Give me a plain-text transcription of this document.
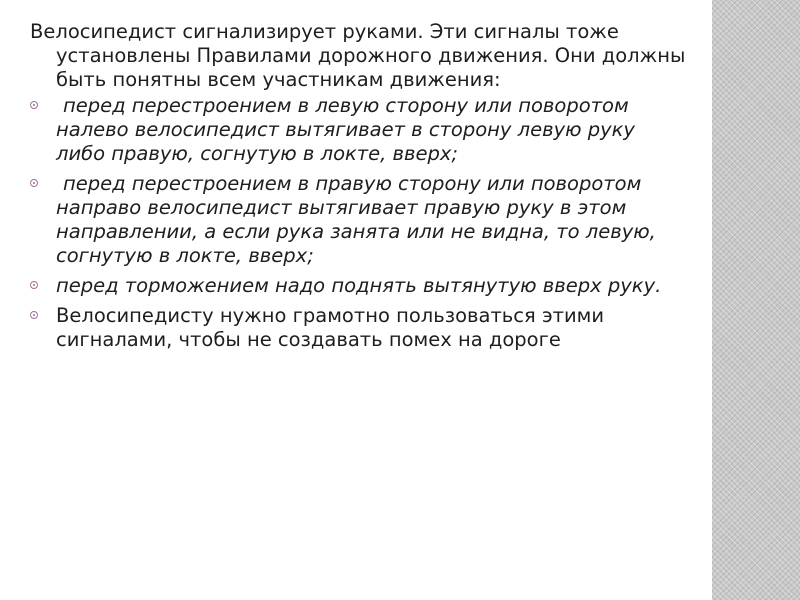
Велосипедист сигнализирует руками. Эти сигналы тоже установлены Правилами дорожного движения. Они должны быть понятны всем участникам движения:
перед перестроением в левую сторону или поворотом налево велосипедист вытягивает в сторону левую руку либо правую, согнутую в локте, вверх;
перед перестроением в правую сторону или поворотом направо велосипедист вытягивает правую руку в этом направлении, а если рука занята или не видна, то левую, согнутую в локте, вверх;
перед торможением надо поднять вытянутую вверх руку.
Велосипедисту нужно грамотно пользоваться этими сигналами, чтобы не создавать помех на дороге
